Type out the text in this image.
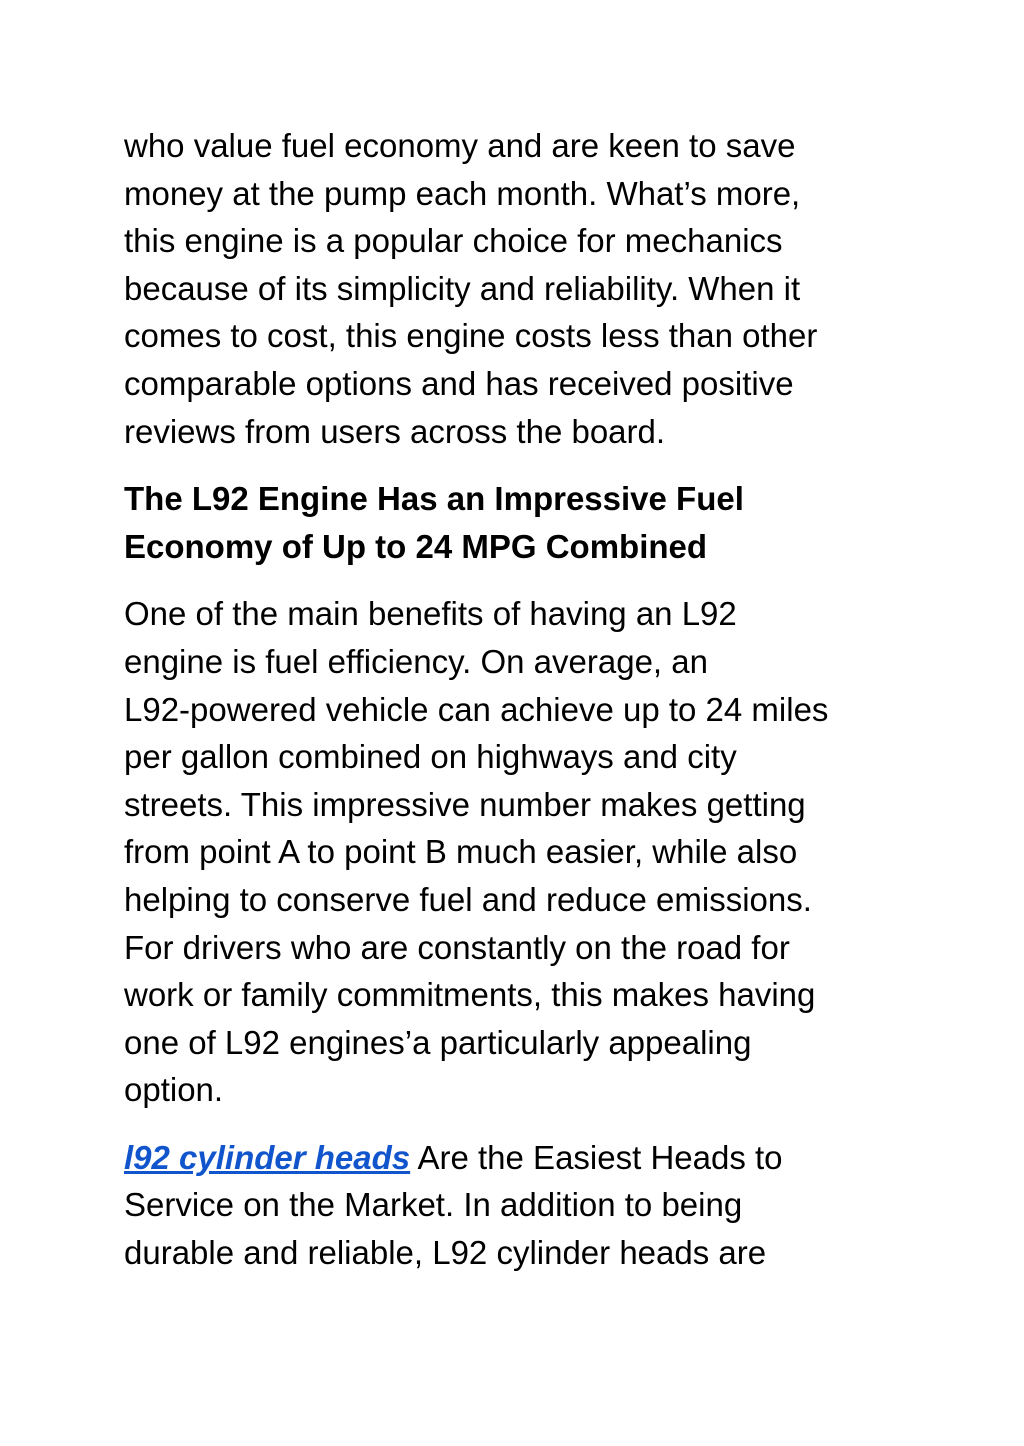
who value fuel economy and are keen to save
money at the pump each month. What’s more,
this engine is a popular choice for mechanics
because of its simplicity and reliability. When it
comes to cost, this engine costs less than other
comparable options and has received positive
reviews from users across the board.

The L92 Engine Has an Impressive Fuel
Economy of Up to 24 MPG Combined

One of the main benefits of having an L92
engine is fuel efficiency. On average, an
L92-powered vehicle can achieve up to 24 miles
per gallon combined on highways and city
streets. This impressive number makes getting
from point A to point B much easier, while also
helping to conserve fuel and reduce emissions.
For drivers who are constantly on the road for
work or family commitments, this makes having
one of L92 engines’a particularly appealing
option.

l92 cylinder heads Are the Easiest Heads to
Service on the Market. In addition to being
durable and reliable, L92 cylinder heads are
